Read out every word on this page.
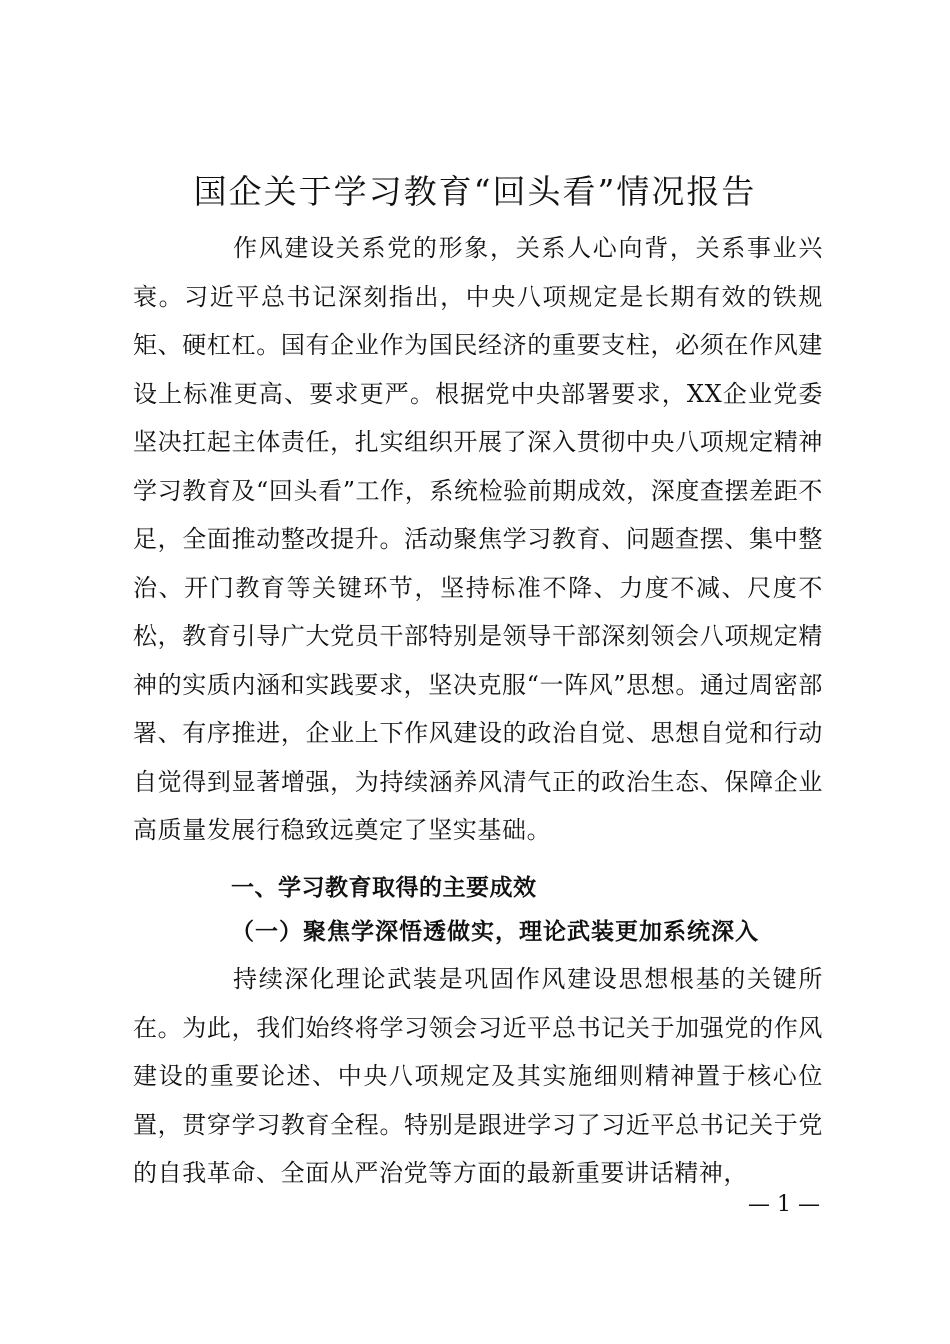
国企关于学习教育“回头看”情况报告
作风建设关系党的形象，关系人心向背，关系事业兴衰。习近平总书记深刻指出，中央八项规定是长期有效的铁规矩、硬杠杠。国有企业作为国民经济的重要支柱，必须在作风建设上标准更高、要求更严。根据党中央部署要求，XX企业党委坚决扛起主体责任，扎实组织开展了深入贯彻中央八项规定精神学习教育及“回头看”工作，系统检验前期成效，深度查摆差距不足，全面推动整改提升。活动聚焦学习教育、问题查摆、集中整治、开门教育等关键环节，坚持标准不降、力度不减、尺度不松，教育引导广大党员干部特别是领导干部深刻领会八项规定精神的实质内涵和实践要求，坚决克服“一阵风”思想。通过周密部署、有序推进，企业上下作风建设的政治自觉、思想自觉和行动自觉得到显著增强，为持续涵养风清气正的政治生态、保障企业高质量发展行稳致远奠定了坚实基础。
一、学习教育取得的主要成效
（一）聚焦学深悟透做实，理论武装更加系统深入
持续深化理论武装是巩固作风建设思想根基的关键所在。为此，我们始终将学习领会习近平总书记关于加强党的作风建设的重要论述、中央八项规定及其实施细则精神置于核心位置，贯穿学习教育全程。特别是跟进学习了习近平总书记关于党的自我革命、全面从严治党等方面的最新重要讲话精神，
— 1 —
